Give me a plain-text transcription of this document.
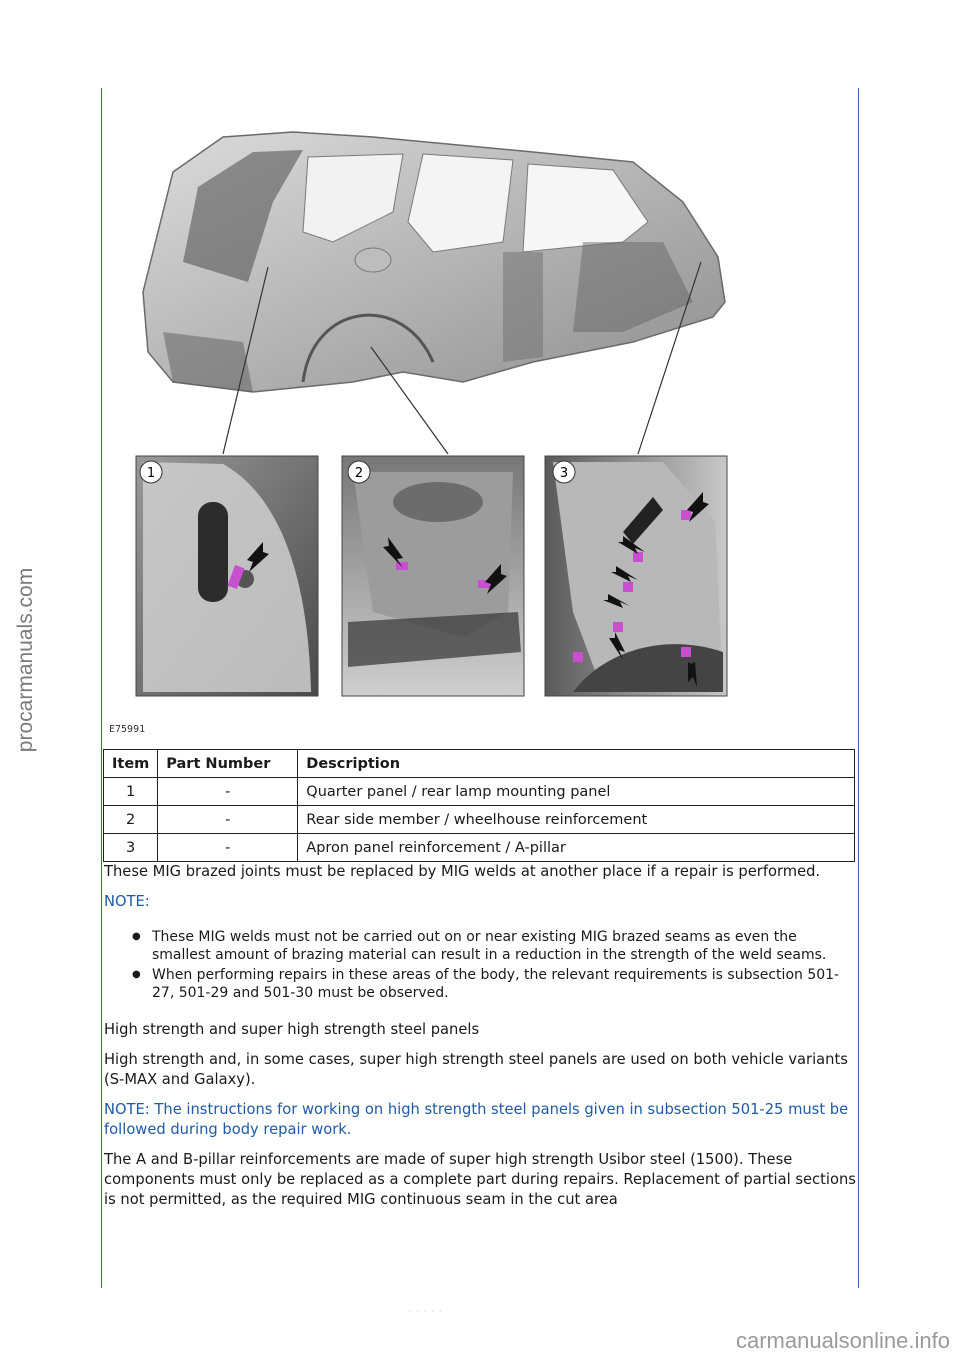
procarmanuals.com
1	2	3
E75991
Item	Part Number	Description
1	-	Quarter panel / rear lamp mounting panel
2	-	Rear side member / wheelhouse reinforcement
3	-	Apron panel reinforcement / A-pillar

These MIG brazed joints must be replaced by MIG welds at another place if a repair is performed.

NOTE:

● These MIG welds must not be carried out on or near existing MIG brazed seams as even the smallest amount of brazing material can result in a reduction in the strength of the weld seams.
● When performing repairs in these areas of the body, the relevant requirements is subsection 501-27, 501-29 and 501-30 must be observed.

High strength and super high strength steel panels

High strength and, in some cases, super high strength steel panels are used on both vehicle variants (S-MAX and Galaxy).

NOTE: The instructions for working on high strength steel panels given in subsection 501-25 must be followed during body repair work.

The A and B-pillar reinforcements are made of super high strength Usibor steel (1500). These components must only be replaced as a complete part during repairs. Replacement of partial sections is not permitted, as the required MIG continuous seam in the cut area

· · · · ·
carmanualsonline.info
